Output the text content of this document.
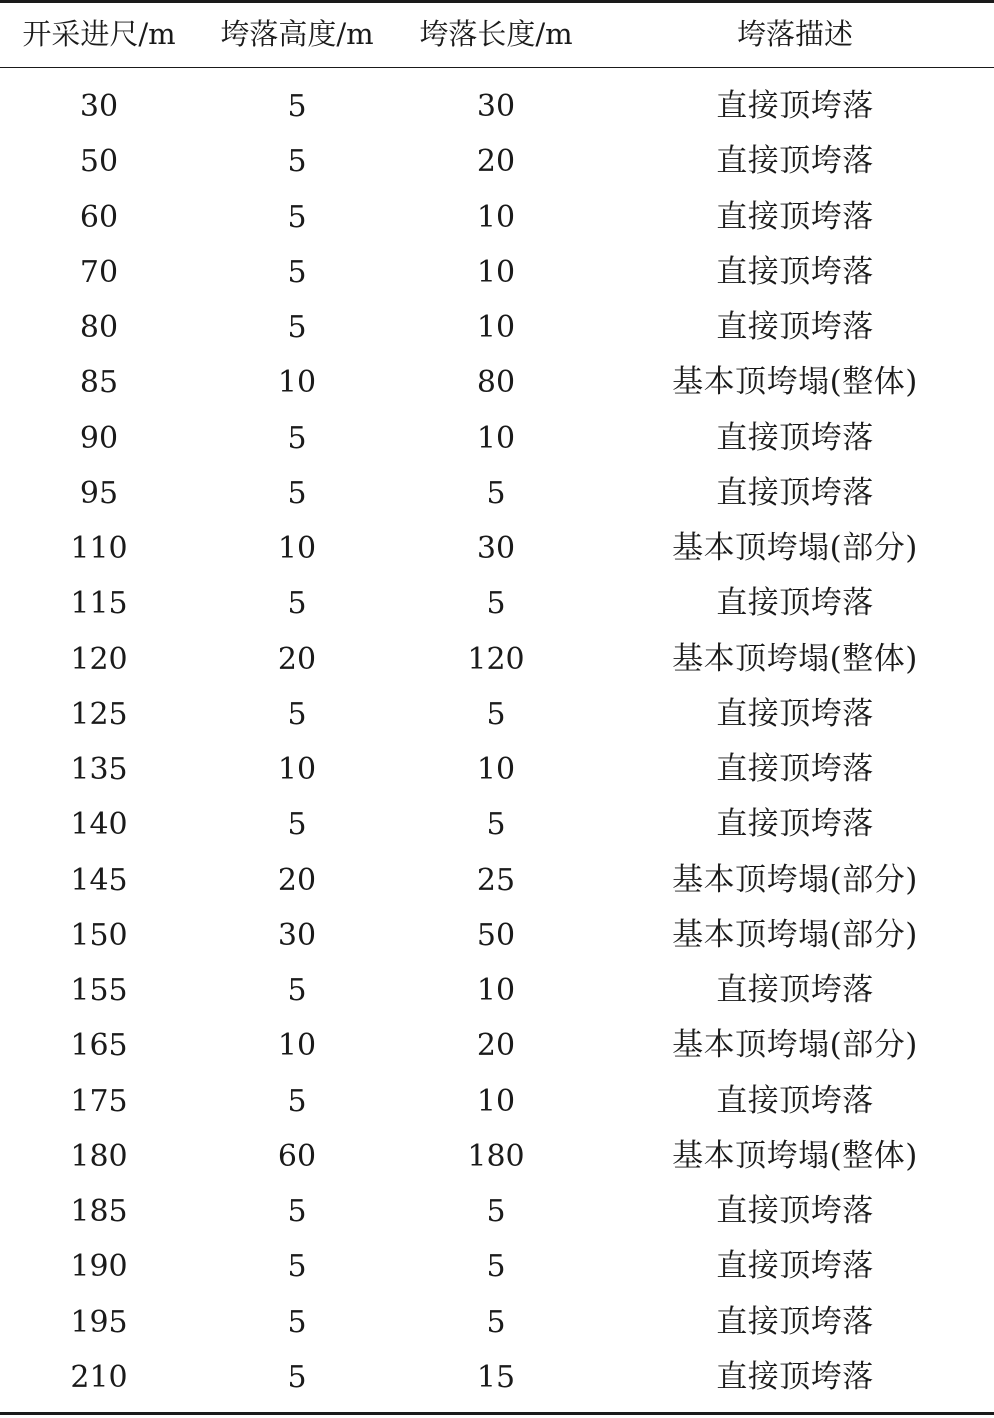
开采进尺/m	垮落高度/m	垮落长度/m	垮落描述
30	5	30	直接顶垮落
50	5	20	直接顶垮落
60	5	10	直接顶垮落
70	5	10	直接顶垮落
80	5	10	直接顶垮落
85	10	80	基本顶垮塌(整体)
90	5	10	直接顶垮落
95	5	5	直接顶垮落
110	10	30	基本顶垮塌(部分)
115	5	5	直接顶垮落
120	20	120	基本顶垮塌(整体)
125	5	5	直接顶垮落
135	10	10	直接顶垮落
140	5	5	直接顶垮落
145	20	25	基本顶垮塌(部分)
150	30	50	基本顶垮塌(部分)
155	5	10	直接顶垮落
165	10	20	基本顶垮塌(部分)
175	5	10	直接顶垮落
180	60	180	基本顶垮塌(整体)
185	5	5	直接顶垮落
190	5	5	直接顶垮落
195	5	5	直接顶垮落
210	5	15	直接顶垮落
